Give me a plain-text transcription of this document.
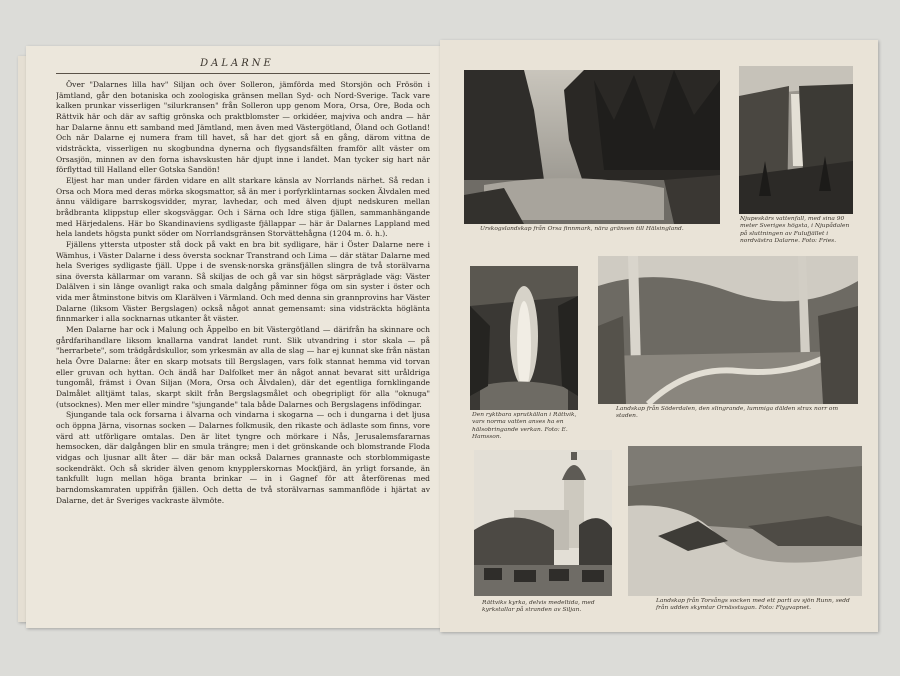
DALARNE

Över "Dalarnes lilla hav" Siljan och över Solleron, jämförda med Storsjön och Frösön i Jämtland, går den botaniska och zoologiska gränsen mellan Syd- och Nord-Sverige. Tack vare kalken prunkar visserligen "silurkransen" från Solleron upp genom Mora, Orsa, Ore, Boda och Rättvik här och där av saftig grönska och praktblomster — orkidéer, majviva och andra — här har Dalarne ännu ett samband med Jämtland, men även med Västergötland, Öland och Gotland! Och när Dalarne ej numera fram till havet, så har det gjort så en gång, därom vittna de vidsträckta, visserligen nu skogbundna dynerna och flygsandsfälten framför allt väster om Orsasjön, minnen av den forna ishavskusten här djupt inne i landet. Man tycker sig hart när förflyttad till Halland eller Gotska Sandön!

Eljest har man under färden vidare en allt starkare känsla av Norrlands närhet. Så redan i Orsa och Mora med deras mörka skogsmattor, så än mer i porfyrklintarnas socken Älvdalen med ännu väldigare barrskogsvidder, myrar, lavhedar, och med älven djupt nedskuren mellan brådbranta klippstup eller skogsväggar. Och i Särna och Idre stiga fjällen, sammanhängande med Härjedalens. Här bo Skandinaviens sydligaste fjällappar — här är Dalarnes Lappland med hela landets högsta punkt söder om Norrlandsgränsen Storvättehågna (1204 m. ö. h.).

Fjällens yttersta utposter stå dock på vakt en bra bit sydligare, här i Öster Dalarne nere i Wämhus, i Väster Dalarne i dess översta socknar Transtrand och Lima — där stätar Dalarne med hela Sveriges sydligaste fjäll. Uppe i de svensk-norska gränsfjällen slingra de två storälvarna sina översta källarmar om varann. Så skiljas de och gå var sin högst särpräglade väg: Väster Dalälven i sin länge ovanligt raka och smala dalgång påminner föga om sin syster i öster och vida mer åtminstone bitvis om Klarälven i Värmland. Och med denna sin grannprovins har Väster Dalarne (liksom Väster Bergslagen) också något annat gemensamt: sina vidsträckta höglänta finnmarker i alla socknarnas utkanter åt väster.

Men Dalarne har ock i Malung och Äppelbo en bit Västergötland — därifrån ha skinnare och gårdfarihandlare liksom knallarna vandrat landet runt. Slik utvandring i stor skala — på "herrarbete", som trädgårdskullor, som yrkesmän av alla de slag — har ej kunnat ske från nästan hela Övre Dalarne: åter en skarp motsats till Bergslagen, vars folk stannat hemma vid torvan eller gruvan och hyttan. Och ändå har Dalfolket mer än något annat bevarat sitt uråldriga tungomål, främst i Ovan Siljan (Mora, Orsa och Älvdalen), där det egentliga fornklingande Dalmålet alltjämt talas, skarpt skilt från Bergslagsmålet och obegripligt för alla "oknuga" (utsocknes). Men mer eller mindre "sjungande" tala både Dalarnes och Bergslagens infödingar.

Sjungande tala ock forsarna i älvarna och vindarna i skogarna — och i dungarna i det ljusa och öppna Järna, visornas socken — Dalarnes folkmusik, den rikaste och ädlaste som finns, vore värd att utförligare omtalas. Den är litet tyngre och mörkare i Nås, Jerusalemsfararnas hemsocken, där dalgången blir en smula trängre; men i det grönskande och blomstrande Floda vidgas och ljusnar allt åter — där bär man också Dalarnes grannaste och storblommigaste sockendräkt. Och så skrider älven genom knypplerskornas Mockfjärd, än yrligt forsande, än tankfullt lugn mellan höga branta brinkar — in i Gagnef för att återförenas med barndomskamraten uppifrån fjällen. Och detta de två storälvarnas sammanflöde i hjärtat av Dalarne, det är Sveriges vackraste älvmöte.

Urskogslandskap från Orsa finnmark, nära gränsen till Hälsingland.
Njupeskärs vattenfall, med sina 90 meter Sveriges högsta, i Njupådalen på sluttningen av Fulufjället i nordvästra Dalarne. Foto: Fries.
Den ryktbara sprutkällan i Rättvik, vars norma vatten anses ha en hälsobringande verkan. Foto: E. Hamsson.
Landskap från Söderdalen, den slingrande, lummiga dälden strax norr om staden.
Rättviks kyrka, delvis medeltida, med kyrkstallar på stranden av Siljan.
Landskap från Torsångs socken med ett parti av sjön Runn, sedd från udden skymtar Ornässtugan. Foto: Flygvapnet.
